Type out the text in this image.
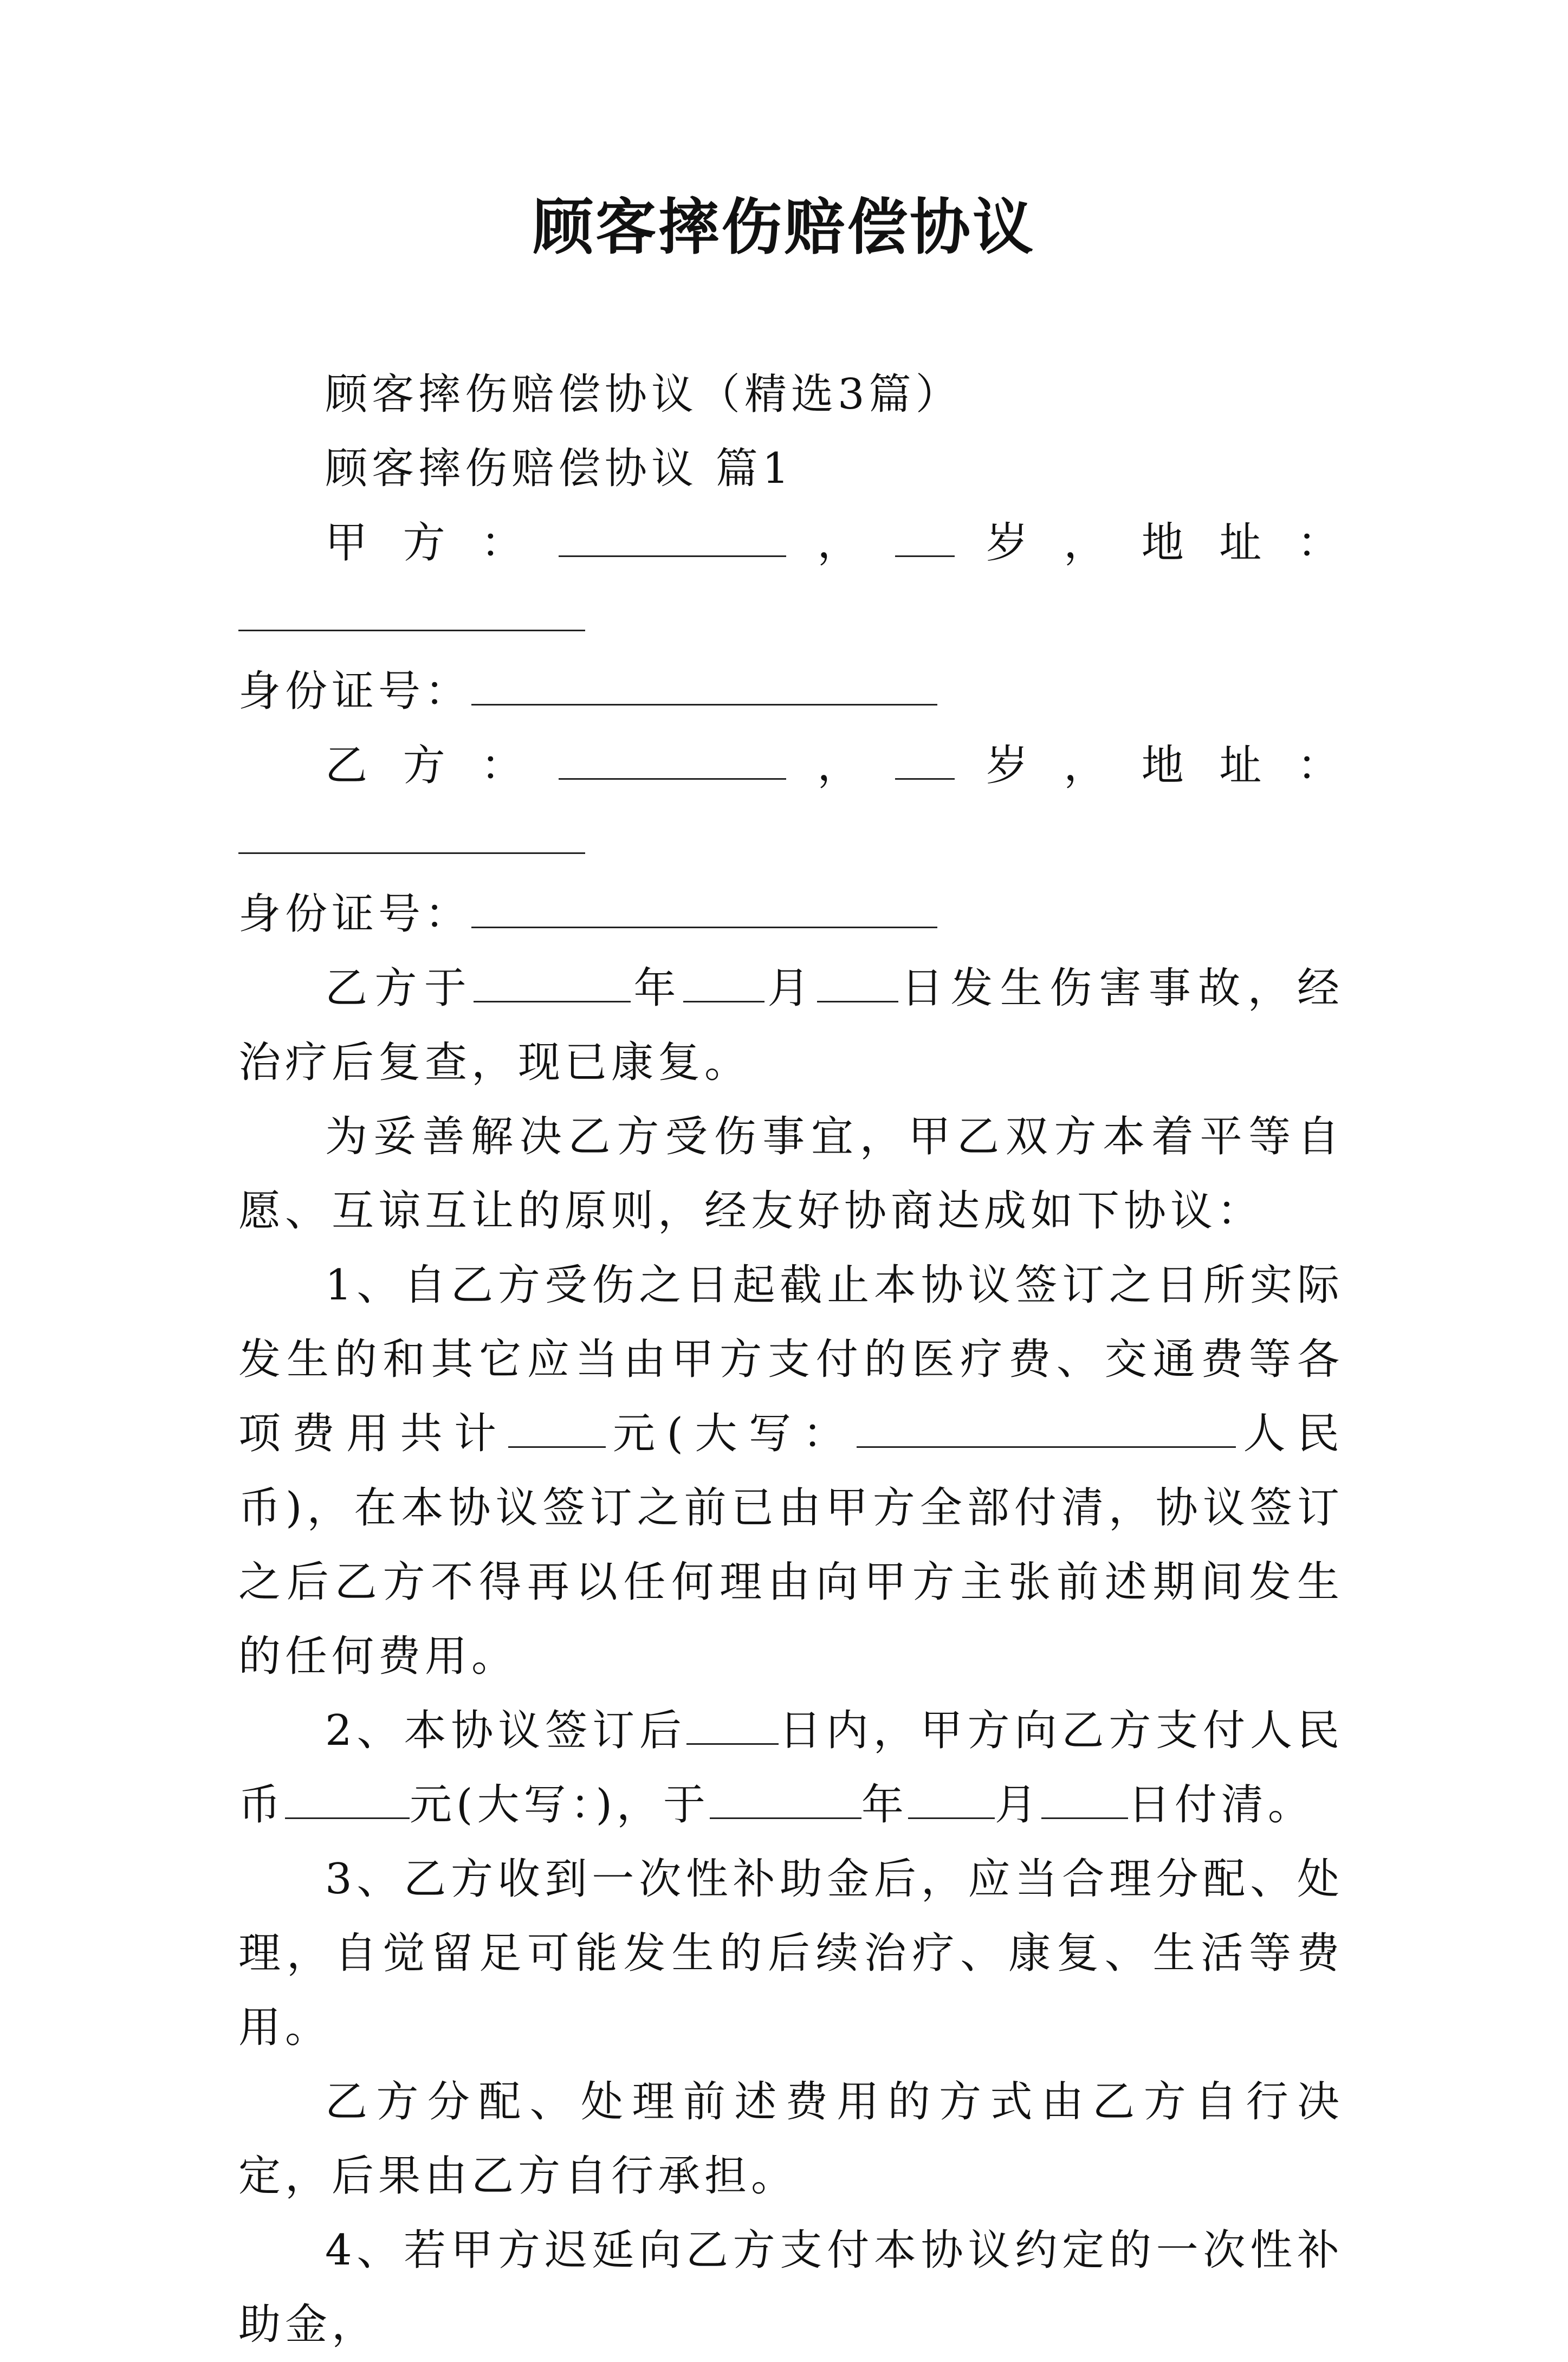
顾客摔伤赔偿协议

顾客摔伤赔偿协议（精选3篇）

顾客摔伤赔偿协议 篇1

甲方：	， 岁，地址：

身份证号：

乙方：	， 岁，地址：

身份证号：

乙方于	年 月 日发生伤害事故，经治疗后复查，现已康复。

为妥善解决乙方受伤事宜，甲乙双方本着平等自愿、互谅互让的原则，经友好协商达成如下协议：

1、自乙方受伤之日起截止本协议签订之日所实际发生的和其它应当由甲方支付的医疗费、交通费等各项费用共计 元(大写：	人民币)，在本协议签订之前已由甲方全部付清，协议签订之后乙方不得再以任何理由向甲方主张前述期间发生的任何费用。

2、本协议签订后 日内，甲方向乙方支付人民币	元(大写：)，于	年 月 日付清。

3、乙方收到一次性补助金后，应当合理分配、处理，自觉留足可能发生的后续治疗、康复、生活等费用。

乙方分配、处理前述费用的方式由乙方自行决定，后果由乙方自行承担。

4、若甲方迟延向乙方支付本协议约定的一次性补助金，
